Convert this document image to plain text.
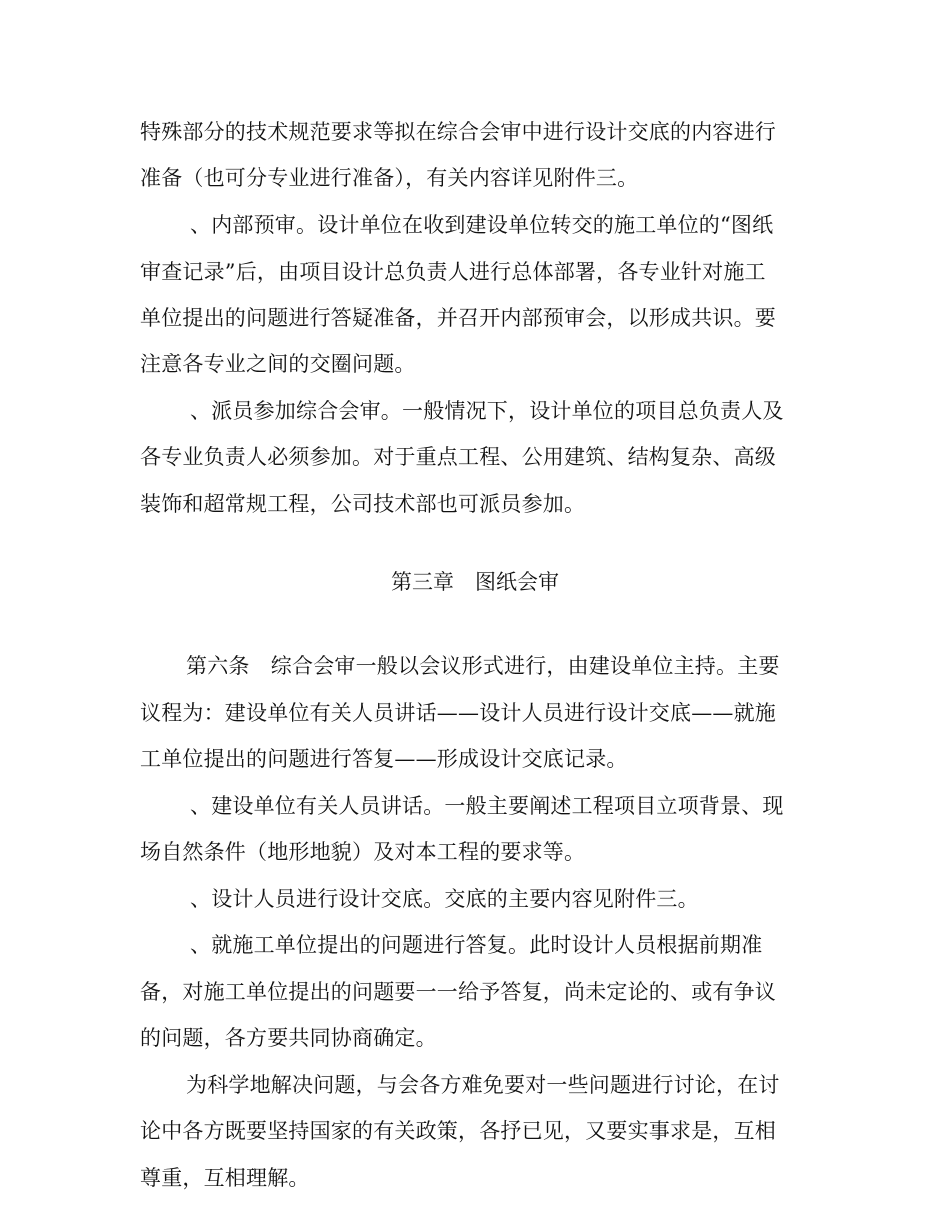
特殊部分的技术规范要求等拟在综合会审中进行设计交底的内容进行
准备（也可分专业进行准备），有关内容详见附件三。
、内部预审。设计单位在收到建设单位转交的施工单位的“图纸
审查记录”后，由项目设计总负责人进行总体部署，各专业针对施工
单位提出的问题进行答疑准备，并召开内部预审会，以形成共识。要
注意各专业之间的交圈问题。
、派员参加综合会审。一般情况下，设计单位的项目总负责人及
各专业负责人必须参加。对于重点工程、公用建筑、结构复杂、高级
装饰和超常规工程，公司技术部也可派员参加。
第三章　图纸会审
第六条　综合会审一般以会议形式进行，由建设单位主持。主要
议程为：建设单位有关人员讲话——设计人员进行设计交底——就施
工单位提出的问题进行答复——形成设计交底记录。
、建设单位有关人员讲话。一般主要阐述工程项目立项背景、现
场自然条件（地形地貌）及对本工程的要求等。
、设计人员进行设计交底。交底的主要内容见附件三。
、就施工单位提出的问题进行答复。此时设计人员根据前期准
备，对施工单位提出的问题要一一给予答复，尚未定论的、或有争议
的问题，各方要共同协商确定。
为科学地解决问题，与会各方难免要对一些问题进行讨论，在讨
论中各方既要坚持国家的有关政策，各抒已见，又要实事求是，互相
尊重，互相理解。
